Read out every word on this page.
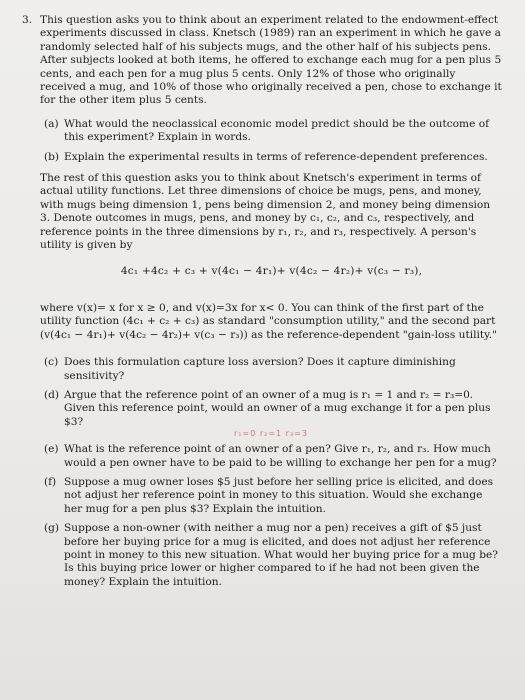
3. This question asks you to think about an experiment related to the endowment-effect experiments discussed in class. Knetsch (1989) ran an experiment in which he gave a randomly selected half of his subjects mugs, and the other half of his subjects pens. After subjects looked at both items, he offered to exchange each mug for a pen plus 5 cents, and each pen for a mug plus 5 cents. Only 12% of those who originally received a mug, and 10% of those who originally received a pen, chose to exchange it for the other item plus 5 cents.
(a) What would the neoclassical economic model predict should be the outcome of this experiment? Explain in words.
(b) Explain the experimental results in terms of reference-dependent preferences.
The rest of this question asks you to think about Knetsch's experiment in terms of actual utility functions. Let three dimensions of choice be mugs, pens, and money, with mugs being dimension 1, pens being dimension 2, and money being dimension 3. Denote outcomes in mugs, pens, and money by c₁, c₂, and c₃, respectively, and reference points in the three dimensions by r₁, r₂, and r₃, respectively. A person's utility is given by
4c₁ +4c₂ + c₃ + v(4c₁ − 4r₁)+ v(4c₂ − 4r₂)+ v(c₃ − r₃),
where v(x)= x for x ≥ 0, and v(x)=3x for x< 0. You can think of the first part of the utility function (4c₁ + c₂ + c₃) as standard "consumption utility," and the second part (v(4c₁ − 4r₁)+ v(4c₂ − 4r₂)+ v(c₃ − r₃)) as the reference-dependent "gain-loss utility."
(c) Does this formulation capture loss aversion? Does it capture diminishing sensitivity?
(d) Argue that the reference point of an owner of a mug is r₁ = 1 and r₂ = r₃=0. Given this reference point, would an owner of a mug exchange it for a pen plus $3?
r₁=0 r₂=1 r₃=3
(e) What is the reference point of an owner of a pen? Give r₁, r₂, and r₃. How much would a pen owner have to be paid to be willing to exchange her pen for a mug?
(f) Suppose a mug owner loses $5 just before her selling price is elicited, and does not adjust her reference point in money to this situation. Would she exchange her mug for a pen plus $3? Explain the intuition.
(g) Suppose a non-owner (with neither a mug nor a pen) receives a gift of $5 just before her buying price for a mug is elicited, and does not adjust her reference point in money to this new situation. What would her buying price for a mug be? Is this buying price lower or higher compared to if he had not been given the money? Explain the intuition.
